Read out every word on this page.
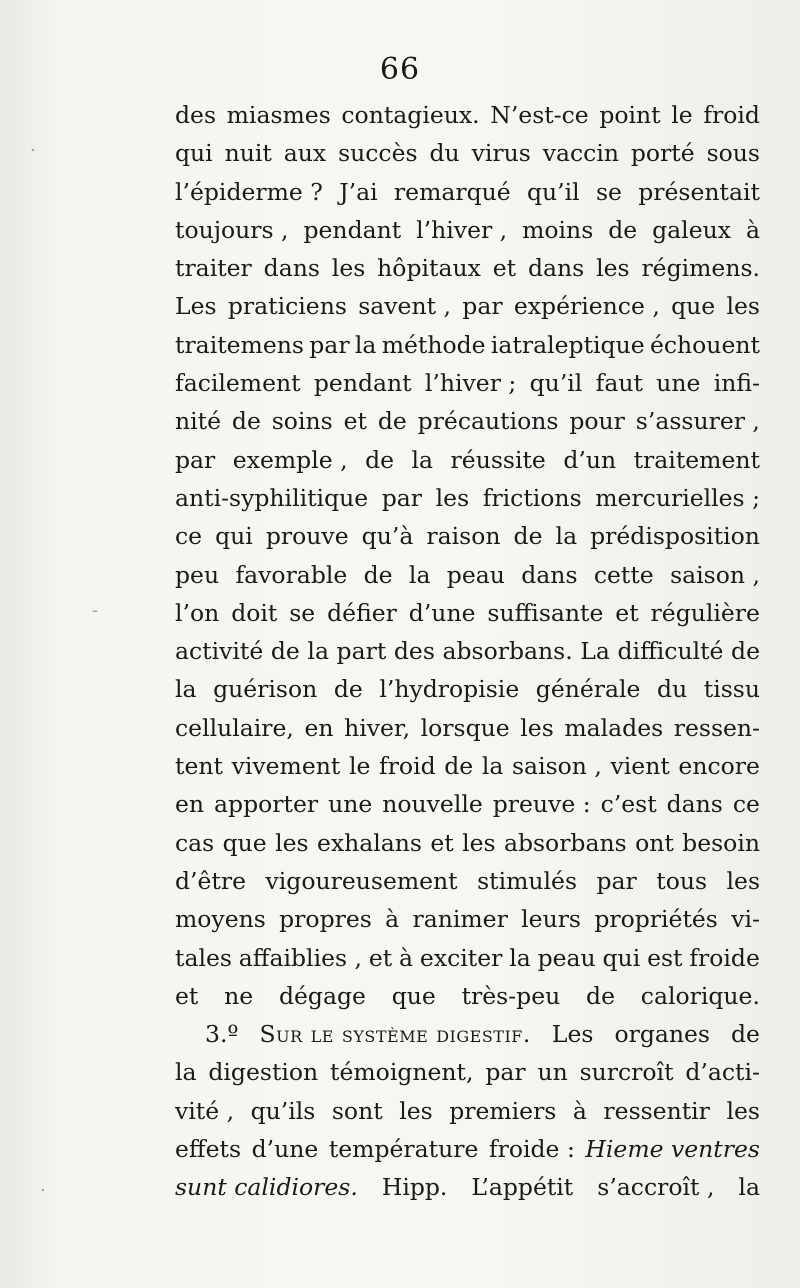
66
des miasmes contagieux. N’est-ce point le froid
qui nuit aux succès du virus vaccin porté sous
l’épiderme ? J’ai remarqué qu’il se présentait
toujours , pendant l’hiver , moins de galeux à
traiter dans les hôpitaux et dans les régimens.
Les praticiens savent , par expérience , que les
traitemens par la méthode iatraleptique échouent
facilement pendant l’hiver ; qu’il faut une infi-
nité de soins et de précautions pour s’assurer ,
par exemple , de la réussite d’un traitement
anti-syphilitique par les frictions mercurielles ;
ce qui prouve qu’à raison de la prédisposition
peu favorable de la peau dans cette saison ,
l’on doit se défier d’une suffisante et régulière
activité de la part des absorbans. La difficulté de
la guérison de l’hydropisie générale du tissu
cellulaire, en hiver, lorsque les malades ressen-
tent vivement le froid de la saison , vient encore
en apporter une nouvelle preuve : c’est dans ce
cas que les exhalans et les absorbans ont besoin
d’être vigoureusement stimulés par tous les
moyens propres à ranimer leurs propriétés vi-
tales affaiblies , et à exciter la peau qui est froide
et ne dégage que très-peu de calorique.
3.º Sur le système digestif. Les organes de
la digestion témoignent, par un surcroît d’acti-
vité , qu’ils sont les premiers à ressentir les
effets d’une température froide : Hieme ventres
sunt calidiores. Hipp. L’appétit s’accroît , la
·
-
·
